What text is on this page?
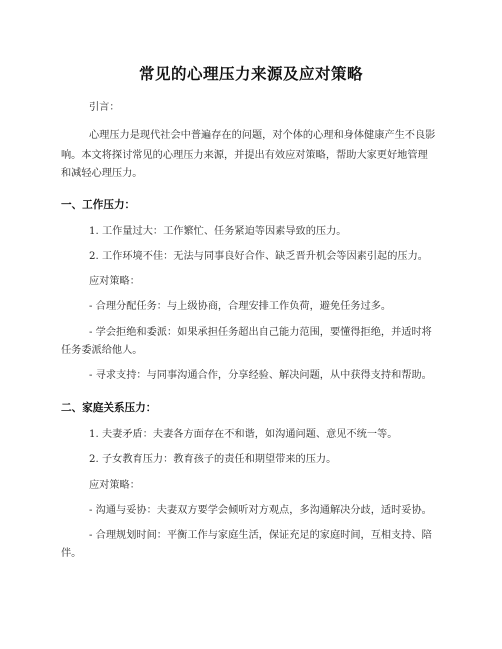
常见的心理压力来源及应对策略
引言：
心理压力是现代社会中普遍存在的问题，对个体的心理和身体健康产生不良影
响。本文将探讨常见的心理压力来源，并提出有效应对策略，帮助大家更好地管理
和减轻心理压力。
一、工作压力：
1. 工作量过大：工作繁忙、任务紧迫等因素导致的压力。
2. 工作环境不佳：无法与同事良好合作、缺乏晋升机会等因素引起的压力。
应对策略：
- 合理分配任务：与上级协商，合理安排工作负荷，避免任务过多。
- 学会拒绝和委派：如果承担任务超出自己能力范围，要懂得拒绝，并适时将
任务委派给他人。
- 寻求支持：与同事沟通合作，分享经验、解决问题，从中获得支持和帮助。
二、家庭关系压力：
1. 夫妻矛盾：夫妻各方面存在不和谐，如沟通问题、意见不统一等。
2. 子女教育压力：教育孩子的责任和期望带来的压力。
应对策略：
- 沟通与妥协：夫妻双方要学会倾听对方观点，多沟通解决分歧，适时妥协。
- 合理规划时间：平衡工作与家庭生活，保证充足的家庭时间，互相支持、陪
伴。
